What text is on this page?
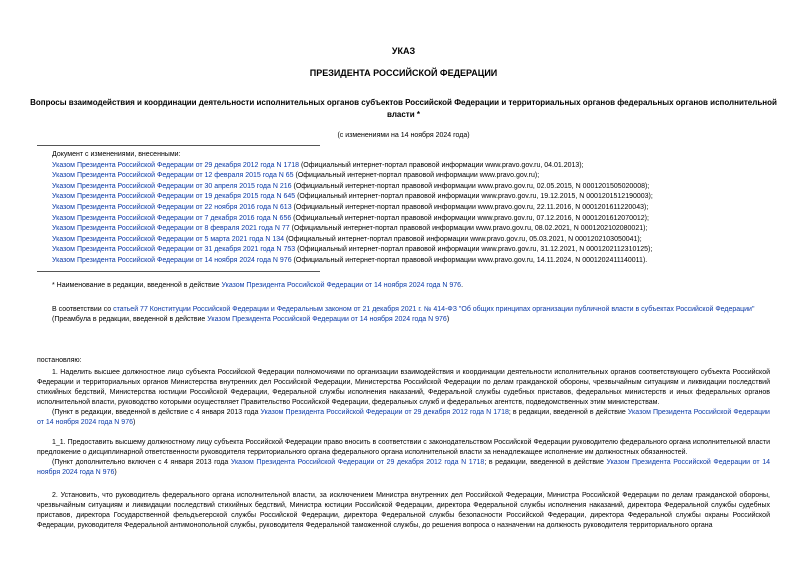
УКАЗ
ПРЕЗИДЕНТА РОССИЙСКОЙ ФЕДЕРАЦИИ
Вопросы взаимодействия и координации деятельности исполнительных органов субъектов Российской Федерации и территориальных органов федеральных органов исполнительной власти *
(с изменениями на 14 ноября 2024 года)
Документ с изменениями, внесенными:
Указом Президента Российской Федерации от 29 декабря 2012 года N 1718 (Официальный интернет-портал правовой информации www.pravo.gov.ru, 04.01.2013);
Указом Президента Российской Федерации от 12 февраля 2015 года N 65 (Официальный интернет-портал правовой информации www.pravo.gov.ru);
Указом Президента Российской Федерации от 30 апреля 2015 года N 216 (Официальный интернет-портал правовой информации www.pravo.gov.ru, 02.05.2015, N 0001201505020008);
Указом Президента Российской Федерации от 19 декабря 2015 года N 645 (Официальный интернет-портал правовой информации www.pravo.gov.ru, 19.12.2015, N 0001201512190003);
Указом Президента Российской Федерации от 22 ноября 2016 года N 613 (Официальный интернет-портал правовой информации www.pravo.gov.ru, 22.11.2016, N 0001201611220043);
Указом Президента Российской Федерации от 7 декабря 2016 года N 656 (Официальный интернет-портал правовой информации www.pravo.gov.ru, 07.12.2016, N 0001201612070012);
Указом Президента Российской Федерации от 8 февраля 2021 года N 77 (Официальный интернет-портал правовой информации www.pravo.gov.ru, 08.02.2021, N 0001202102080021);
Указом Президента Российской Федерации от 5 марта 2021 года N 134 (Официальный интернет-портал правовой информации www.pravo.gov.ru, 05.03.2021, N 0001202103050041);
Указом Президента Российской Федерации от 31 декабря 2021 года N 753 (Официальный интернет-портал правовой информации www.pravo.gov.ru, 31.12.2021, N 0001202112310125);
Указом Президента Российской Федерации от 14 ноября 2024 года N 976 (Официальный интернет-портал правовой информации www.pravo.gov.ru, 14.11.2024, N 0001202411140011).
* Наименование в редакции, введенной в действие Указом Президента Российской Федерации от 14 ноября 2024 года N 976.

В соответствии со статьей 77 Конституции Российской Федерации и Федеральным законом от 21 декабря 2021 г. № 414-ФЗ "Об общих принципах организации публичной власти в субъектах Российской Федерации"

(Преамбула в редакции, введенной в действие Указом Президента Российской Федерации от 14 ноября 2024 года N 976)

постановляю:

1. Наделить высшее должностное лицо субъекта Российской Федерации полномочиями по организации взаимодействия и координации деятельности исполнительных органов соответствующего субъекта Российской Федерации и территориальных органов Министерства внутренних дел Российской Федерации, Министерства Российской Федерации по делам гражданской обороны, чрезвычайным ситуациям и ликвидации последствий стихийных бедствий, Министерства юстиции Российской Федерации, Федеральной службы исполнения наказаний, Федеральной службы судебных приставов, федеральных министерств и иных федеральных органов исполнительной власти, руководство которыми осуществляет Правительство Российской Федерации, федеральных служб и федеральных агентств, подведомственных этим министерствам.

(Пункт в редакции, введенной в действие с 4 января 2013 года Указом Президента Российской Федерации от 29 декабря 2012 года N 1718; в редакции, введенной в действие Указом Президента Российской Федерации от 14 ноября 2024 года N 976)

1_1. Предоставить высшему должностному лицу субъекта Российской Федерации право вносить в соответствии с законодательством Российской Федерации руководителю федерального органа исполнительной власти предложение о дисциплинарной ответственности руководителя территориального органа федерального органа исполнительной власти за ненадлежащее исполнение им должностных обязанностей.

(Пункт дополнительно включен с 4 января 2013 года Указом Президента Российской Федерации от 29 декабря 2012 года N 1718; в редакции, введенной в действие Указом Президента Российской Федерации от 14 ноября 2024 года N 976)

2. Установить, что руководитель федерального органа исполнительной власти, за исключением Министра внутренних дел Российской Федерации, Министра Российской Федерации по делам гражданской обороны, чрезвычайным ситуациям и ликвидации последствий стихийных бедствий, Министра юстиции Российской Федерации, директора Федеральной службы исполнения наказаний, директора Федеральной службы судебных приставов, директора Государственной фельдъегерской службы Российской Федерации, директора Федеральной службы безопасности Российской Федерации, директора Федеральной службы охраны Российской Федерации, руководителя Федеральной антимонопольной службы, руководителя Федеральной таможенной службы, до решения вопроса о назначении на должность руководителя территориального органа
